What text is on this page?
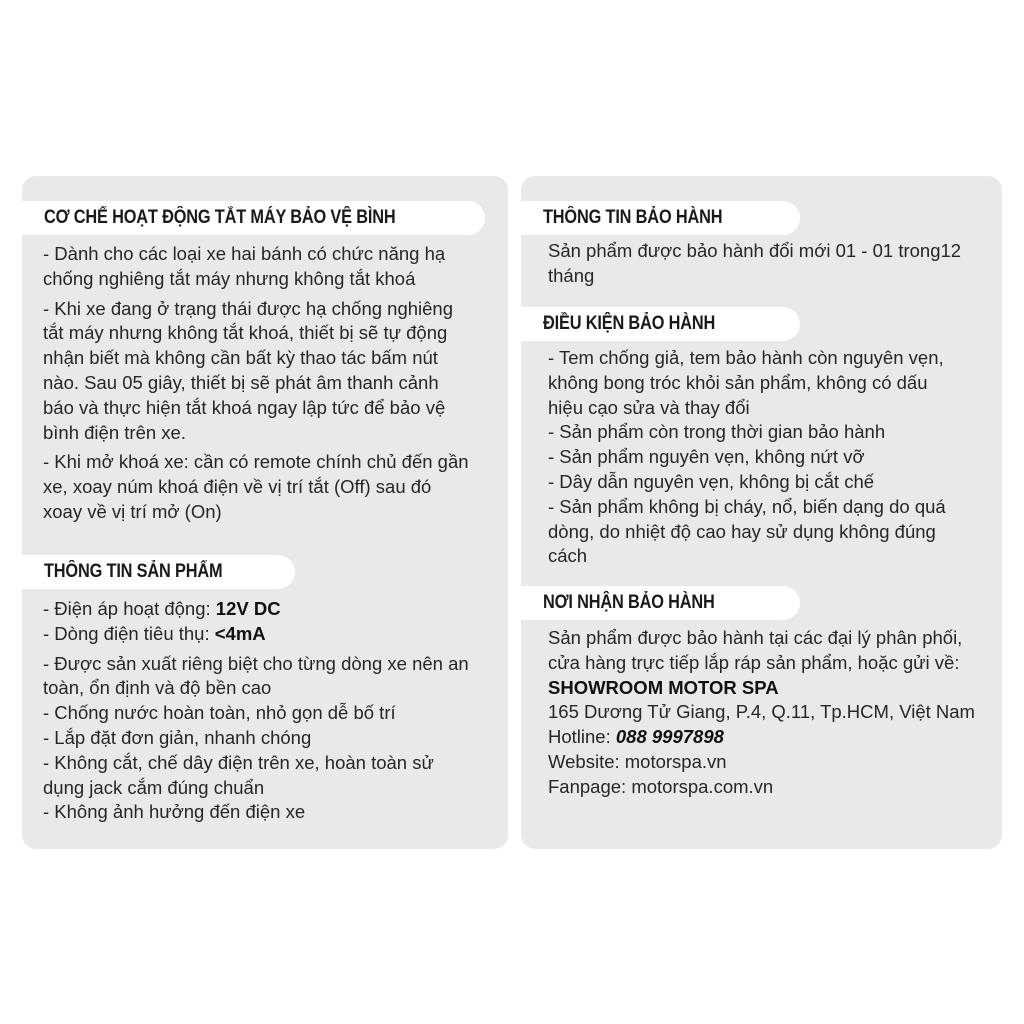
CƠ CHẾ HOẠT ĐỘNG TẮT MÁY BẢO VỆ BÌNH

- Dành cho các loại xe hai bánh có chức năng hạ

chống nghiêng tắt máy nhưng không tắt khoá

- Khi xe đang ở trạng thái được hạ chống nghiêng

tắt máy nhưng không tắt khoá, thiết bị sẽ tự động

nhận biết mà không cần bất kỳ thao tác bấm nút

nào. Sau 05 giây, thiết bị sẽ phát âm thanh cảnh

báo và thực hiện tắt khoá ngay lập tức để bảo vệ

bình điện trên xe.

- Khi mở khoá xe: cần có remote chính chủ đến gần

xe, xoay núm khoá điện về vị trí tắt (Off) sau đó

xoay về vị trí mở (On)

THÔNG TIN SẢN PHẨM

- Điện áp hoạt động: 12V DC

- Dòng điện tiêu thụ: <4mA

- Được sản xuất riêng biệt cho từng dòng xe nên an

toàn, ổn định và độ bền cao

- Chống nước hoàn toàn, nhỏ gọn dễ bố trí

- Lắp đặt đơn giản, nhanh chóng

- Không cắt, chế dây điện trên xe, hoàn toàn sử

dụng jack cắm đúng chuẩn

- Không ảnh hưởng đến điện xe

THÔNG TIN BẢO HÀNH

Sản phẩm được bảo hành đổi mới 01 - 01 trong12

tháng

ĐIỀU KIỆN BẢO HÀNH

- Tem chống giả, tem bảo hành còn nguyên vẹn,

không bong tróc khỏi sản phẩm, không có dấu

hiệu cạo sửa và thay đổi

- Sản phẩm còn trong thời gian bảo hành

- Sản phẩm nguyên vẹn, không nứt vỡ

- Dây dẫn nguyên vẹn, không bị cắt chế

- Sản phẩm không bị cháy, nổ, biến dạng do quá

dòng, do nhiệt độ cao hay sử dụng không đúng

cách

NƠI NHẬN BẢO HÀNH

Sản phẩm được bảo hành tại các đại lý phân phối,

cửa hàng trực tiếp lắp ráp sản phẩm, hoặc gửi về:

SHOWROOM MOTOR SPA

165 Dương Tử Giang, P.4, Q.11, Tp.HCM, Việt Nam

Hotline: 088 9997898

Website: motorspa.vn

Fanpage: motorspa.com.vn
